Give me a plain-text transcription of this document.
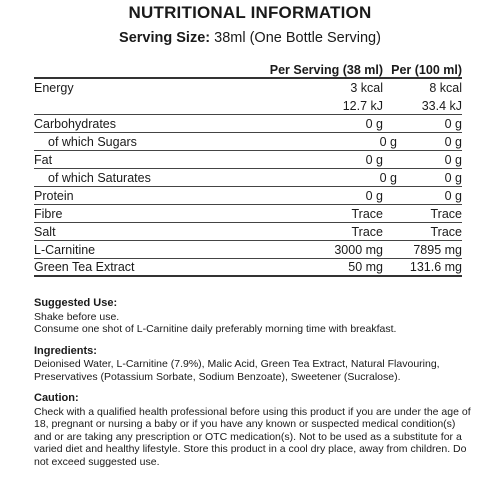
NUTRITIONAL INFORMATION
Serving Size: 38ml (One Bottle Serving)
Per Serving (38 ml) Per (100 ml)
Energy	3 kcal	8 kcal
12.7 kJ	33.4 kJ
Carbohydrates	0 g	0 g
of which Sugars	0 g	0 g
Fat	0 g	0 g
of which Saturates	0 g	0 g
Protein	0 g	0 g
Fibre	Trace	Trace
Salt	Trace	Trace
L-Carnitine	3000 mg	7895 mg
Green Tea Extract	50 mg	131.6 mg
Suggested Use:

Shake before use.

Consume one shot of L-Carnitine daily preferably morning time with breakfast.

Ingredients:

Deionised Water, L-Carnitine (7.9%), Malic Acid, Green Tea Extract, Natural Flavouring, Preservatives (Potassium Sorbate, Sodium Benzoate), Sweetener (Sucralose).

Caution:

Check with a qualified health professional before using this product if you are under the age of 18, pregnant or nursing a baby or if you have any known or suspected medical condition(s) and or are taking any prescription or OTC medication(s). Not to be used as a substitute for a varied diet and healthy lifestyle. Store this product in a cool dry place, away from children. Do not exceed suggested use.
